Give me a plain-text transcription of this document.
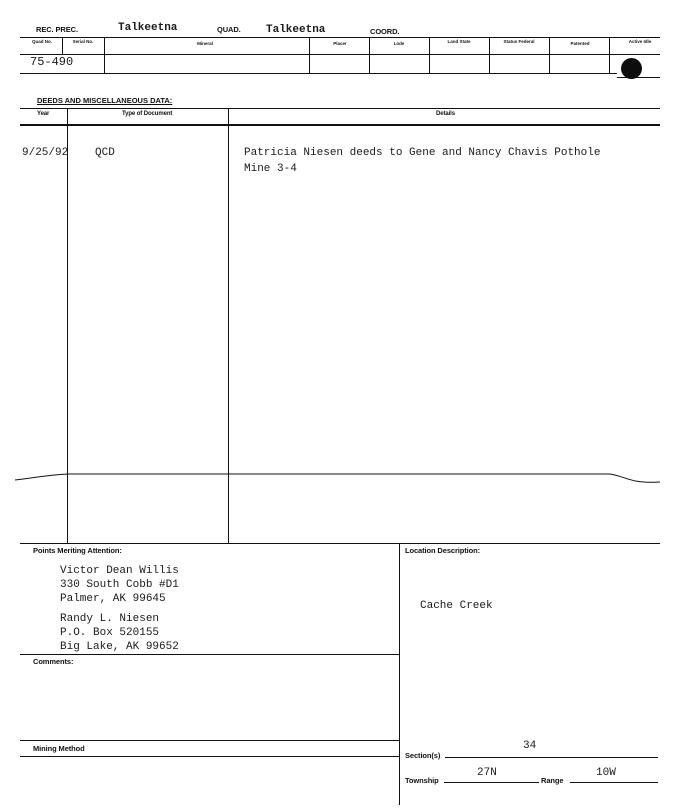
REC. PREC.	Talkeetna	QUAD. Talkeetna	COORD.
Quad No.	Serial No.	Mineral	Placer	Lode	Land State	Status Federal	Patented	Active Idle
75-490
DEEDS AND MISCELLANEOUS DATA:
Year	Type of Document	Details
9/25/92 QCD	Patricia Niesen deeds to Gene and Nancy Chavis Pothole
Mine 3-4
Points Meriting Attention:
Victor Dean Willis
330 South Cobb #D1
Palmer, AK 99645
Randy L. Niesen
P.O. Box 520155
Big Lake, AK 99652
Comments:
Mining Method
Location Description:
Cache Creek
Section(s)
34
Township
27N
Range
10W
